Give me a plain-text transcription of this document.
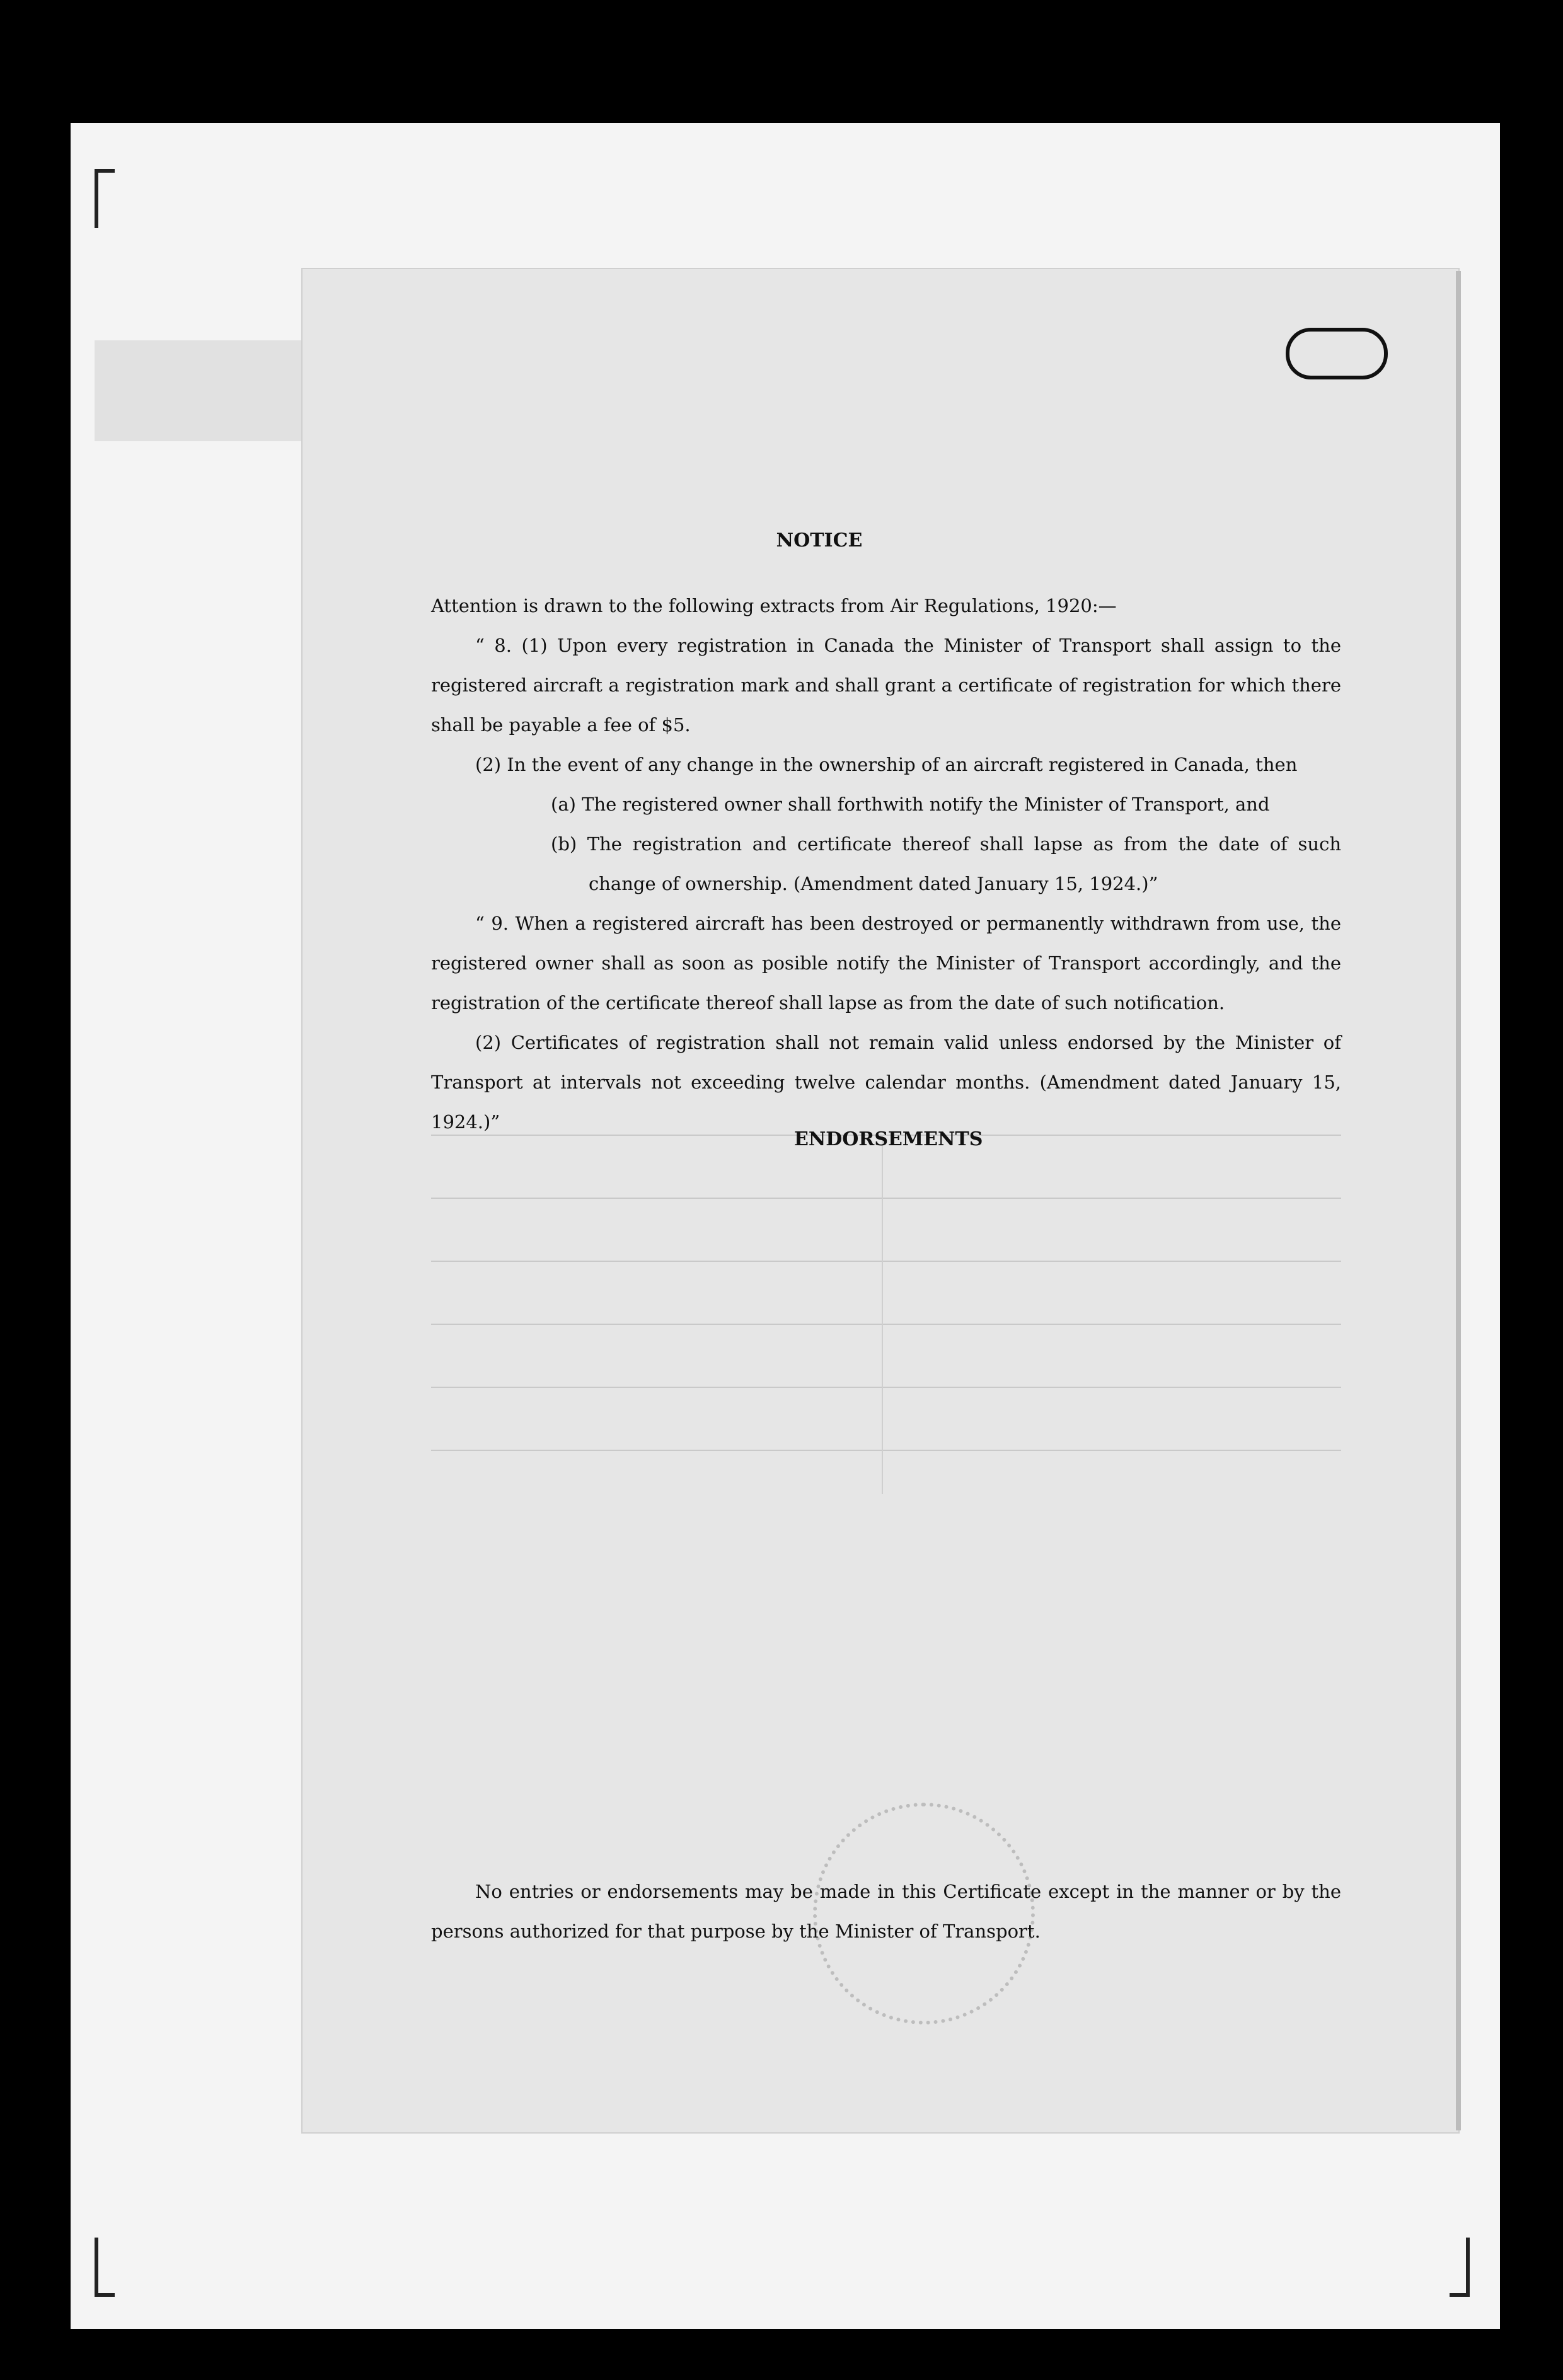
NOTICE

Attention is drawn to the following extracts from Air Regulations, 1920:—

“ 8. (1) Upon every registration in Canada the Minister of Transport shall assign to the registered aircraft a registration mark and shall grant a certificate of registration for which there shall be payable a fee of $5.

(2) In the event of any change in the ownership of an aircraft registered in Canada, then

(a) The registered owner shall forthwith notify the Minister of Transport, and

(b) The registration and certificate thereof shall lapse as from the date of such change of ownership. (Amendment dated January 15, 1924.)”

“ 9. When a registered aircraft has been destroyed or permanently withdrawn from use, the registered owner shall as soon as posible notify the Minister of Transport accordingly, and the registration of the certificate thereof shall lapse as from the date of such notification.

(2) Certificates of registration shall not remain valid unless endorsed by the Minister of Transport at intervals not exceeding twelve calendar months. (Amendment dated January 15, 1924.)”

ENDORSEMENTS

No entries or endorsements may be made in this Certificate except in the manner or by the persons authorized for that purpose by the Minister of Transport.
